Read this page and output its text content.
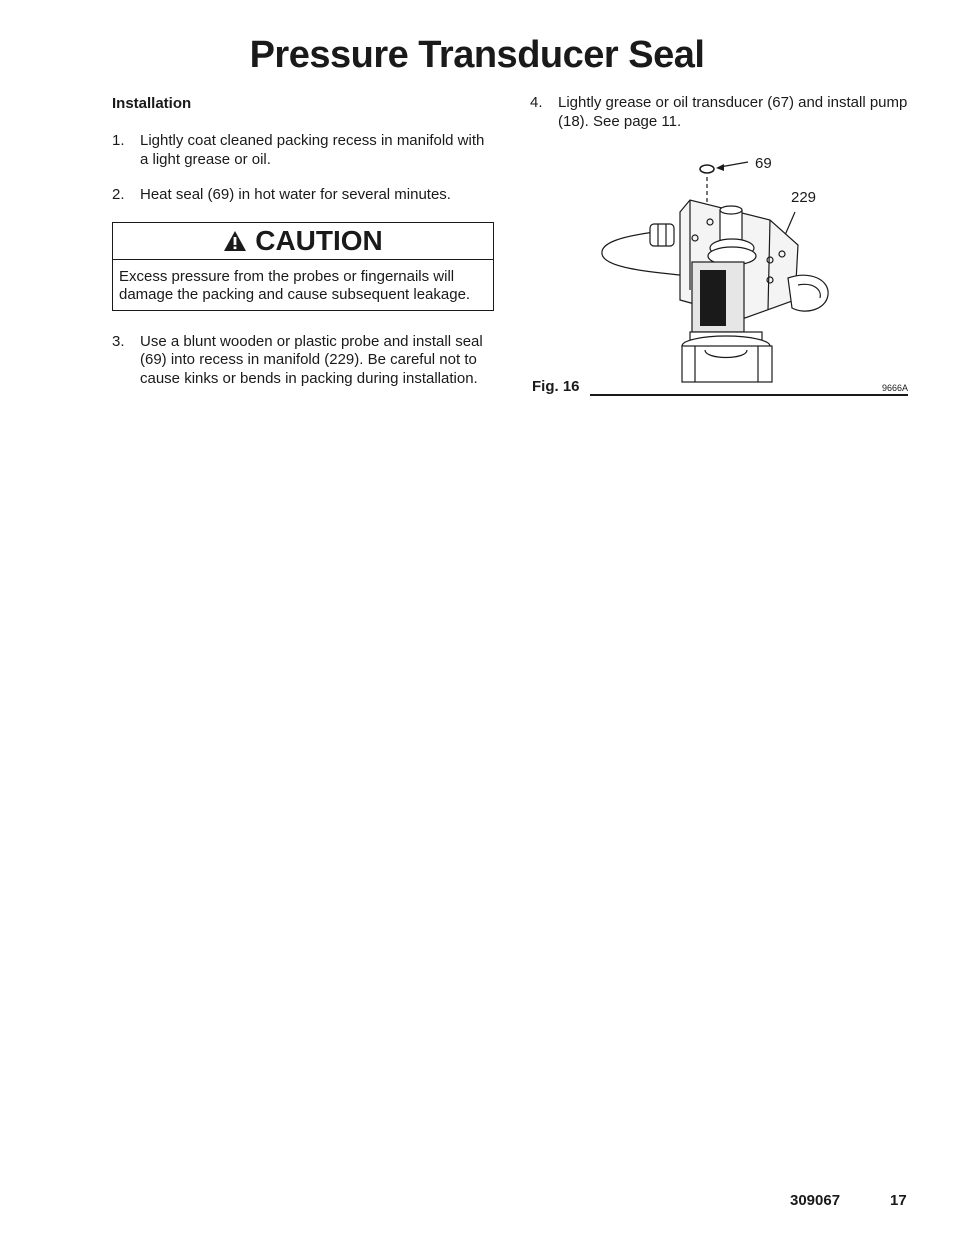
Pressure Transducer Seal
Installation
1.	Lightly coat cleaned packing recess in manifold with a light grease or oil.
2.	Heat seal (69) in hot water for several minutes.
CAUTION
Excess pressure from the probes or fingernails will damage the packing and cause subsequent leakage.
3.	Use a blunt wooden or plastic probe and install seal (69) into recess in manifold (229). Be careful not to cause kinks or bends in packing during installation.
4.	Lightly grease or oil transducer (67) and install pump (18). See page 11.
69
229
Fig. 16	9666A
309067	17
